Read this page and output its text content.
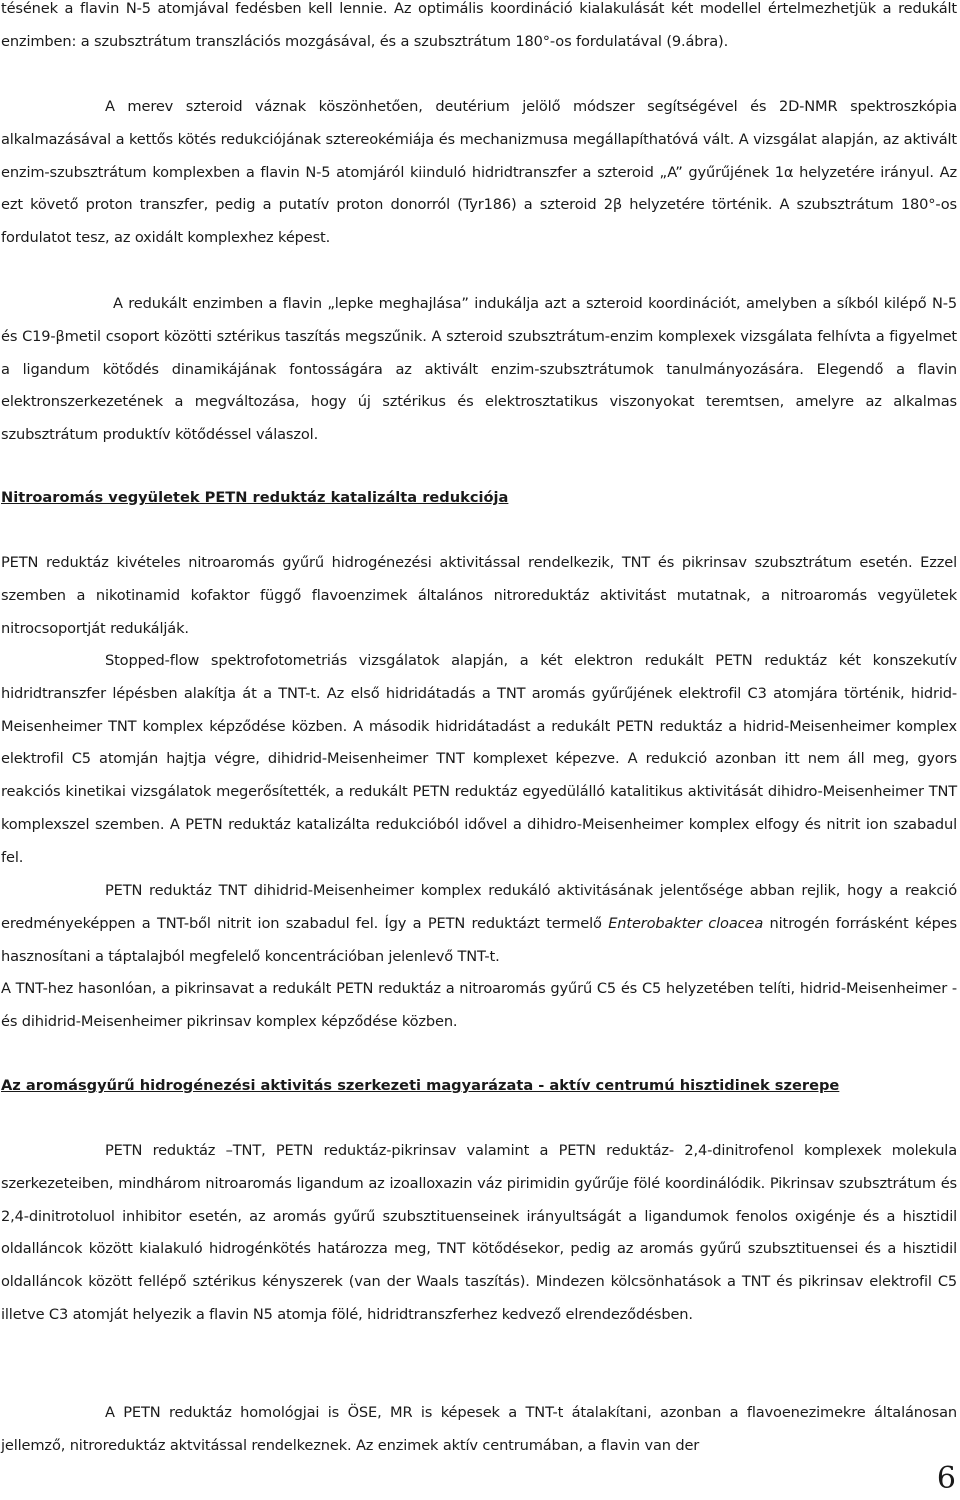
tésének a flavin N-5 atomjával fedésben kell lennie. Az optimális koordináció kialakulását két modellel értelmezhetjük a redukált enzimben: a szubsztrátum transzlációs mozgásával, és a szubsztrátum 180°-os fordulatával (9.ábra).

A merev szteroid váznak köszönhetően, deutérium jelölő módszer segítségével és 2D-NMR spektroszkópia alkalmazásával a kettős kötés redukciójának sztereokémiája és mechanizmusa megállapíthatóvá vált. A vizsgálat alapján, az aktivált enzim-szubsztrátum komplexben a flavin N-5 atomjáról kiinduló hidridtranszfer a szteroid „A” gyűrűjének 1α helyzetére irányul. Az ezt követő proton transzfer, pedig a putatív proton donorról (Tyr186) a szteroid 2β helyzetére történik. A szubsztrátum 180°-os fordulatot tesz, az oxidált komplexhez képest.

A redukált enzimben a flavin „lepke meghajlása” indukálja azt a szteroid koordinációt, amelyben a síkból kilépő N-5 és C19-βmetil csoport közötti sztérikus taszítás megszűnik. A szteroid szubsztrátum-enzim komplexek vizsgálata felhívta a figyelmet a ligandum kötődés dinamikájának fontosságára az aktivált enzim-szubsztrátumok tanulmányozására. Elegendő a flavin elektronszerkezetének a megváltozása, hogy új sztérikus és elektrosztatikus viszonyokat teremtsen, amelyre az alkalmas szubsztrátum produktív kötődéssel válaszol.

Nitroaromás vegyületek PETN reduktáz katalizálta redukciója

PETN reduktáz kivételes nitroaromás gyűrű hidrogénezési aktivitással rendelkezik, TNT és pikrinsav szubsztrátum esetén. Ezzel szemben a nikotinamid kofaktor függő flavoenzimek általános nitroreduktáz aktivitást mutatnak, a nitroaromás vegyületek nitrocsoportját redukálják.

Stopped-flow spektrofotometriás vizsgálatok alapján, a két elektron redukált PETN reduktáz két konszekutív hidridtranszfer lépésben alakítja át a TNT-t. Az első hidridátadás a TNT aromás gyűrűjének elektrofil C3 atomjára történik, hidrid-Meisenheimer TNT komplex képződése közben. A második hidridátadást a redukált PETN reduktáz a hidrid-Meisenheimer komplex elektrofil C5 atomján hajtja végre, dihidrid-Meisenheimer TNT komplexet képezve. A redukció azonban itt nem áll meg, gyors reakciós kinetikai vizsgálatok megerősítették, a redukált PETN reduktáz egyedülálló katalitikus aktivitását dihidro-Meisenheimer TNT komplexszel szemben. A PETN reduktáz katalizálta redukcióból idővel a dihidro-Meisenheimer komplex elfogy és nitrit ion szabadul fel.

PETN reduktáz TNT dihidrid-Meisenheimer komplex redukáló aktivitásának jelentősége abban rejlik, hogy a reakció eredményeképpen a TNT-ből nitrit ion szabadul fel. Így a PETN reduktázt termelő Enterobakter cloacea nitrogén forrásként képes hasznosítani a táptalajból megfelelő koncentrációban jelenlevő TNT-t.

A TNT-hez hasonlóan, a pikrinsavat a redukált PETN reduktáz a nitroaromás gyűrű C5 és C5 helyzetében telíti, hidrid-Meisenheimer - és dihidrid-Meisenheimer pikrinsav komplex képződése közben.

Az aromásgyűrű hidrogénezési aktivitás szerkezeti magyarázata - aktív centrumú hisztidinek szerepe

PETN reduktáz –TNT, PETN reduktáz-pikrinsav valamint a PETN reduktáz- 2,4-dinitrofenol komplexek molekula szerkezeteiben, mindhárom nitroaromás ligandum az izoalloxazin váz pirimidin gyűrűje fölé koordinálódik. Pikrinsav szubsztrátum és 2,4-dinitrotoluol inhibitor esetén, az aromás gyűrű szubsztituenseinek irányultságát a ligandumok fenolos oxigénje és a hisztidil oldalláncok között kialakuló hidrogénkötés határozza meg, TNT kötődésekor, pedig az aromás gyűrű szubsztituensei és a hisztidil oldalláncok között fellépő sztérikus kényszerek (van der Waals taszítás). Mindezen kölcsönhatások a TNT és pikrinsav elektrofil C5 illetve C3 atomját helyezik a flavin N5 atomja fölé, hidridtranszferhez kedvező elrendeződésben.

A PETN reduktáz homológjai is ÖSE, MR is képesek a TNT-t átalakítani, azonban a flavoenezimekre általánosan jellemző, nitroreduktáz aktvitással rendelkeznek. Az enzimek aktív centrumában, a flavin van der

6
